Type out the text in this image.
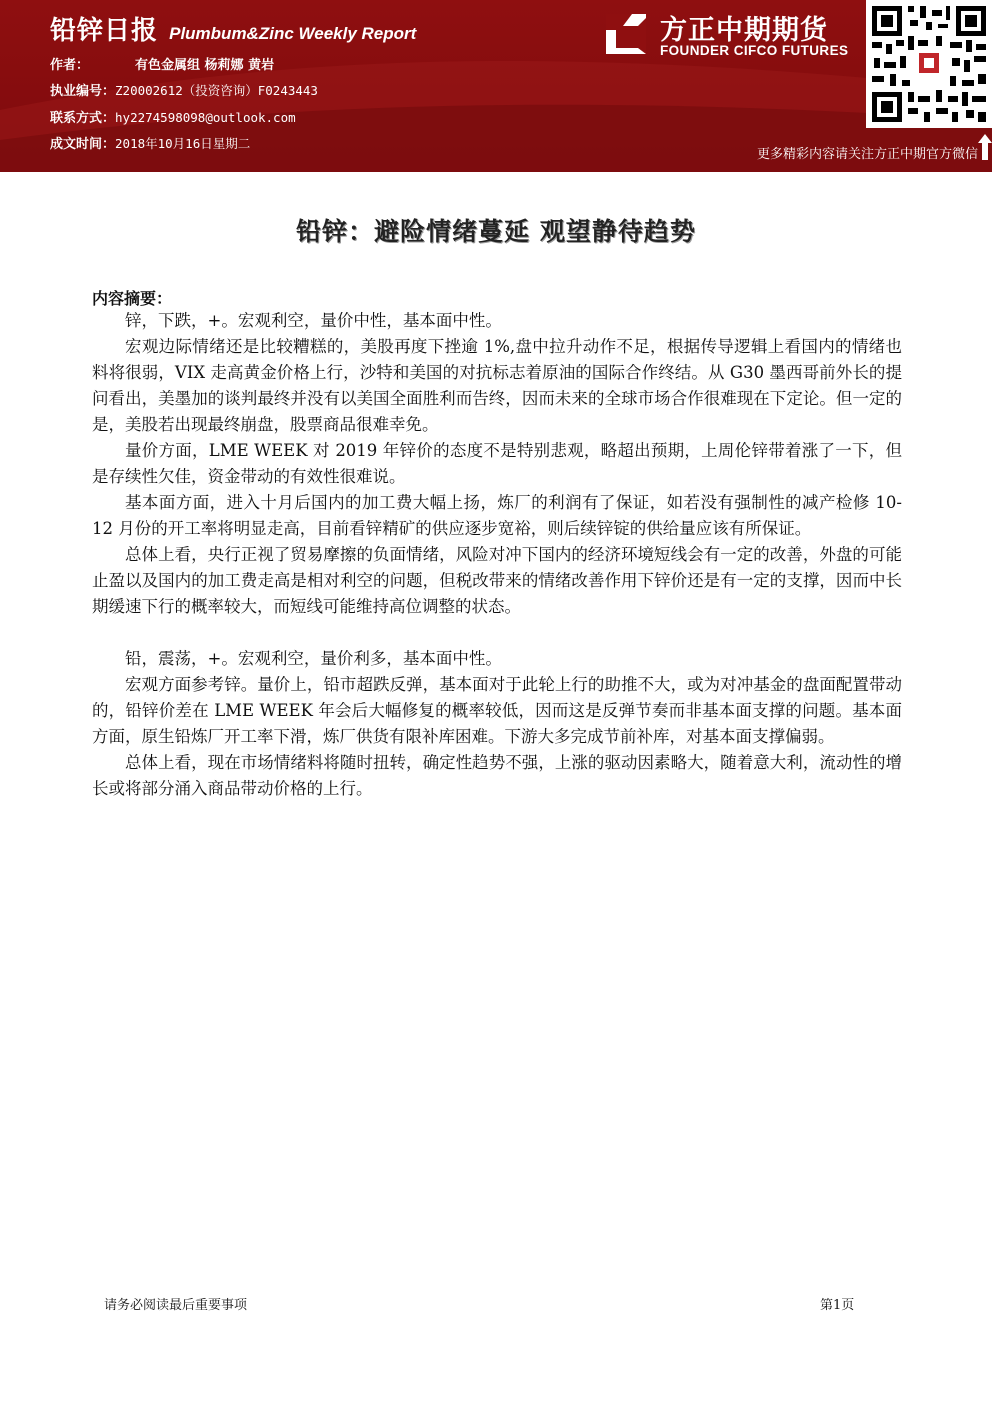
铅锌日报 Plumbum&Zinc Weekly Report
作者：	有色金属组 杨莉娜 黄岩
执业编号：Z20002612（投资咨询）F0243443
联系方式：hy2274598098@outlook.com
成文时间：2018年10月16日星期二
方正中期期货
FOUNDER CIFCO FUTURES
更多精彩内容请关注方正中期官方微信
铅锌：避险情绪蔓延 观望静待趋势
内容摘要：

锌，下跌，+。宏观利空，量价中性，基本面中性。

宏观边际情绪还是比较糟糕的，美股再度下挫逾 1%,盘中拉升动作不足，根据传导逻辑上看国内的情绪也料将很弱，VIX 走高黄金价格上行，沙特和美国的对抗标志着原油的国际合作终结。从 G30 墨西哥前外长的提问看出，美墨加的谈判最终并没有以美国全面胜利而告终，因而未来的全球市场合作很难现在下定论。但一定的是，美股若出现最终崩盘，股票商品很难幸免。

量价方面，LME WEEK 对 2019 年锌价的态度不是特别悲观，略超出预期，上周伦锌带着涨了一下，但是存续性欠佳，资金带动的有效性很难说。

基本面方面，进入十月后国内的加工费大幅上扬，炼厂的利润有了保证，如若没有强制性的减产检修 10-12 月份的开工率将明显走高，目前看锌精矿的供应逐步宽裕，则后续锌锭的供给量应该有所保证。

总体上看，央行正视了贸易摩擦的负面情绪，风险对冲下国内的经济环境短线会有一定的改善，外盘的可能止盈以及国内的加工费走高是相对利空的问题，但税改带来的情绪改善作用下锌价还是有一定的支撑，因而中长期缓速下行的概率较大，而短线可能维持高位调整的状态。

铅，震荡，+。宏观利空，量价利多，基本面中性。

宏观方面参考锌。量价上，铅市超跌反弹，基本面对于此轮上行的助推不大，或为对冲基金的盘面配置带动的，铅锌价差在 LME WEEK 年会后大幅修复的概率较低，因而这是反弹节奏而非基本面支撑的问题。基本面方面，原生铅炼厂开工率下滑，炼厂供货有限补库困难。下游大多完成节前补库，对基本面支撑偏弱。

总体上看，现在市场情绪料将随时扭转，确定性趋势不强，上涨的驱动因素略大，随着意大利，流动性的增长或将部分涌入商品带动价格的上行。

请务必阅读最后重要事项	第1页
